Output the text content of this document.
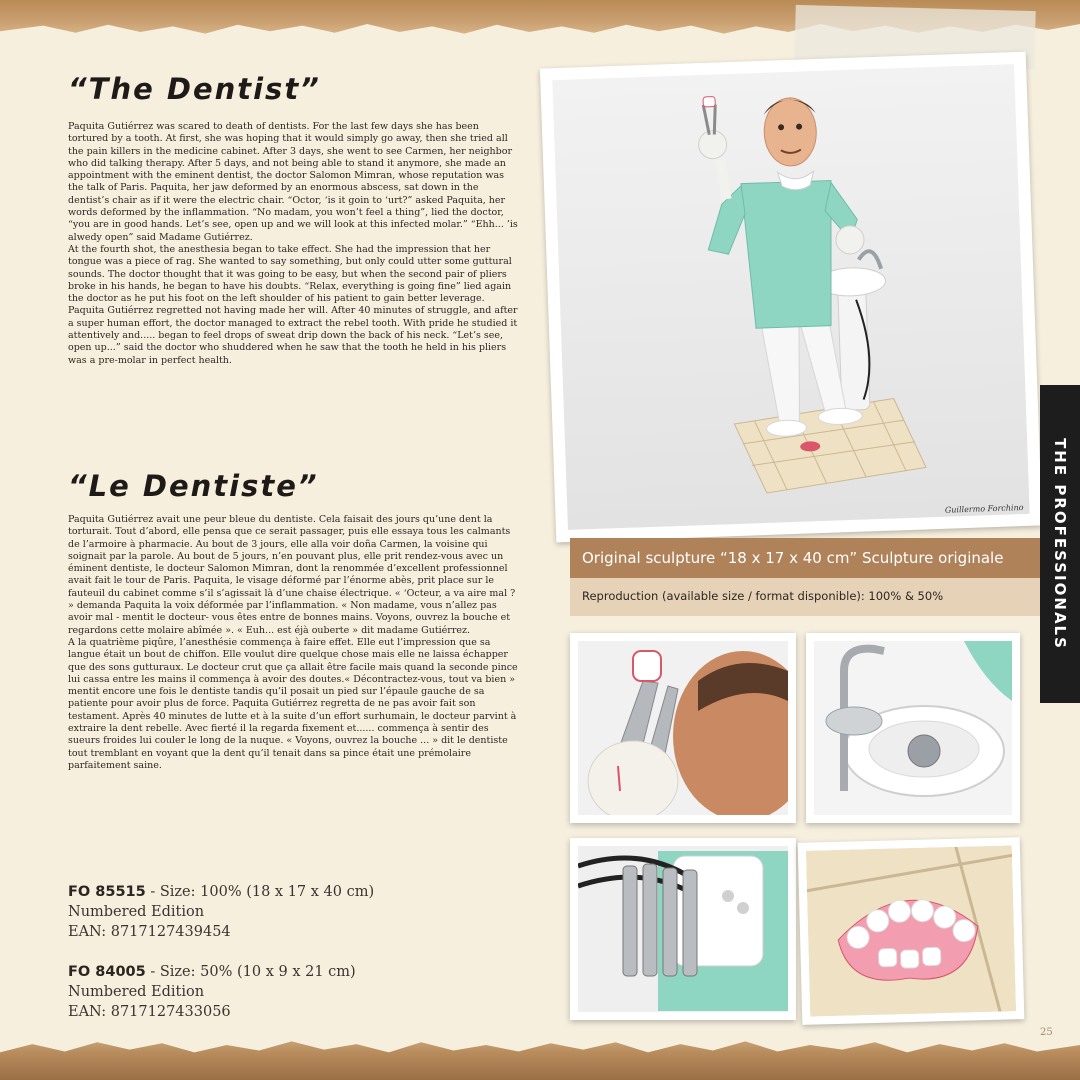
“The Dentist”

Paquita Gutiérrez was scared to death of dentists. For the last few days she has been tortured by a tooth. At first, she was hoping that it would simply go away, then she tried all the pain killers in the medicine cabinet. After 3 days, she went to see Carmen, her neighbor who did talking therapy. After 5 days, and not being able to stand it anymore, she made an appointment with the eminent dentist, the doctor Salomon Mimran, whose reputation was the talk of Paris. Paquita, her jaw deformed by an enormous abscess, sat down in the dentist’s chair as if it were the electric chair. “Octor, ‘is it goin to ‘urt?” asked Paquita, her words deformed by the inflammation. “No madam, you won’t feel a thing”, lied the doctor, “you are in good hands. Let’s see, open up and we will look at this infected molar.” “Ehh... ’is alwedy open” said Madame Gutiérrez.

At the fourth shot, the anesthesia began to take effect. She had the impression that her tongue was a piece of rag. She wanted to say something, but only could utter some guttural sounds. The doctor thought that it was going to be easy, but when the second pair of pliers broke in his hands, he began to have his doubts. “Relax, everything is going fine” lied again the doctor as he put his foot on the left shoulder of his patient to gain better leverage. Paquita Gutiérrez regretted not having made her will. After 40 minutes of struggle, and after a super human effort, the doctor managed to extract the rebel tooth. With pride he studied it attentively and..... began to feel drops of sweat drip down the back of his neck. “Let’s see, open up...” said the doctor who shuddered when he saw that the tooth he held in his pliers was a pre-molar in perfect health.

“Le Dentiste”

Paquita Gutiérrez avait une peur bleue du dentiste. Cela faisait des jours qu’une dent la torturait. Tout d’abord, elle pensa que ce serait passager, puis elle essaya tous les calmants de l’armoire à pharmacie. Au bout de 3 jours, elle alla voir doña Carmen, la voisine qui soignait par la parole. Au bout de 5 jours, n’en pouvant plus, elle prit rendez-vous avec un éminent dentiste, le docteur Salomon Mimran, dont la renommée d’excellent professionnel avait fait le tour de Paris. Paquita, le visage déformé par l’énorme abès, prit place sur le fauteuil du cabinet comme s’il s’agissait là d’une chaise électrique. « ‘Octeur, a va aire mal ? » demanda Paquita la voix déformée par l’inflammation. « Non madame, vous n’allez pas avoir mal - mentit le docteur- vous êtes entre de bonnes mains. Voyons, ouvrez la bouche et regardons cette molaire abîmée ». « Euh... est éjà ouberte » dit madame Gutiérrez.

A la quatrième piqûre, l’anesthésie commença à faire effet. Elle eut l’impression que sa langue était un bout de chiffon. Elle voulut dire quelque chose mais elle ne laissa échapper que des sons gutturaux. Le docteur crut que ça allait être facile mais quand la seconde pince lui cassa entre les mains il commença à avoir des doutes.« Décontractez-vous, tout va bien » mentit encore une fois le dentiste tandis qu’il posait un pied sur l’épaule gauche de sa patiente pour avoir plus de force. Paquita Gutiérrez regretta de ne pas avoir fait son testament. Après 40 minutes de lutte et à la suite d’un effort surhumain, le docteur parvint à extraire la dent rebelle. Avec fierté il la regarda fixement et...... commença à sentir des sueurs froides lui couler le long de la nuque. « Voyons, ouvrez la bouche ... » dit le dentiste tout tremblant en voyant que la dent qu’il tenait dans sa pince était une prémolaire parfaitement saine.

FO 85515 - Size: 100% (18 x 17 x 40 cm)
Numbered Edition
EAN: 8717127439454
FO 84005 - Size: 50% (10 x 9 x 21 cm)
Numbered Edition
EAN: 8717127433056
Guillermo Forchino
Original sculpture “18 x 17 x 40 cm” Sculpture originale
Reproduction (available size / format disponible): 100% & 50%	THE PROFESSIONALS
25
